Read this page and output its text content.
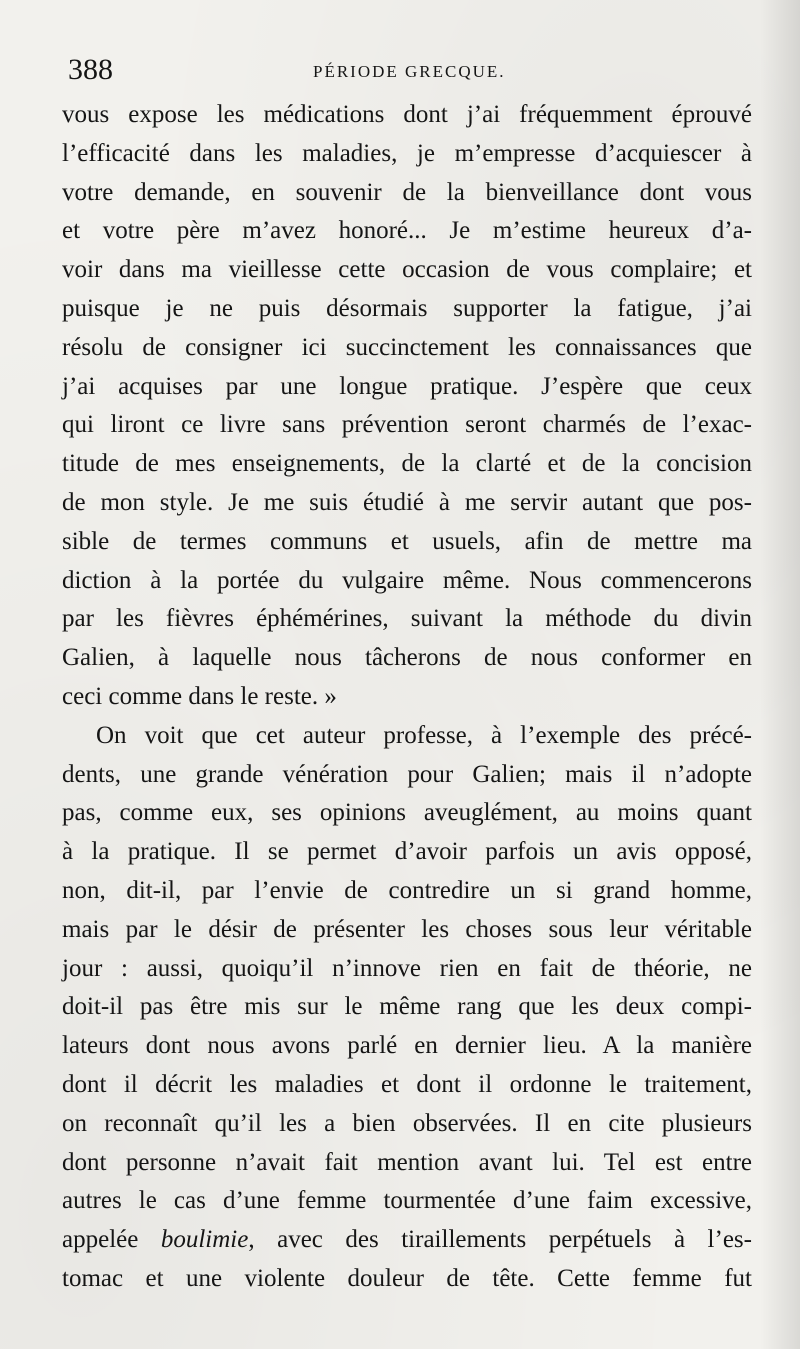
388	PÉRIODE GRECQUE.
vous expose les médications dont j’ai fréquemment éprouvé
l’efficacité dans les maladies, je m’empresse d’acquiescer à
votre demande, en souvenir de la bienveillance dont vous
et votre père m’avez honoré... Je m’estime heureux d’a-
voir dans ma vieillesse cette occasion de vous complaire; et
puisque je ne puis désormais supporter la fatigue, j’ai
résolu de consigner ici succinctement les connaissances que
j’ai acquises par une longue pratique. J’espère que ceux
qui liront ce livre sans prévention seront charmés de l’exac-
titude de mes enseignements, de la clarté et de la concision
de mon style. Je me suis étudié à me servir autant que pos-
sible de termes communs et usuels, afin de mettre ma
diction à la portée du vulgaire même. Nous commencerons
par les fièvres éphémérines, suivant la méthode du divin
Galien, à laquelle nous tâcherons de nous conformer en
ceci comme dans le reste. »
On voit que cet auteur professe, à l’exemple des précé-
dents, une grande vénération pour Galien; mais il n’adopte
pas, comme eux, ses opinions aveuglément, au moins quant
à la pratique. Il se permet d’avoir parfois un avis opposé,
non, dit-il, par l’envie de contredire un si grand homme,
mais par le désir de présenter les choses sous leur véritable
jour : aussi, quoiqu’il n’innove rien en fait de théorie, ne
doit-il pas être mis sur le même rang que les deux compi-
lateurs dont nous avons parlé en dernier lieu. A la manière
dont il décrit les maladies et dont il ordonne le traitement,
on reconnaît qu’il les a bien observées. Il en cite plusieurs
dont personne n’avait fait mention avant lui. Tel est entre
autres le cas d’une femme tourmentée d’une faim excessive,
appelée boulimie, avec des tiraillements perpétuels à l’es-
tomac et une violente douleur de tête. Cette femme fut
